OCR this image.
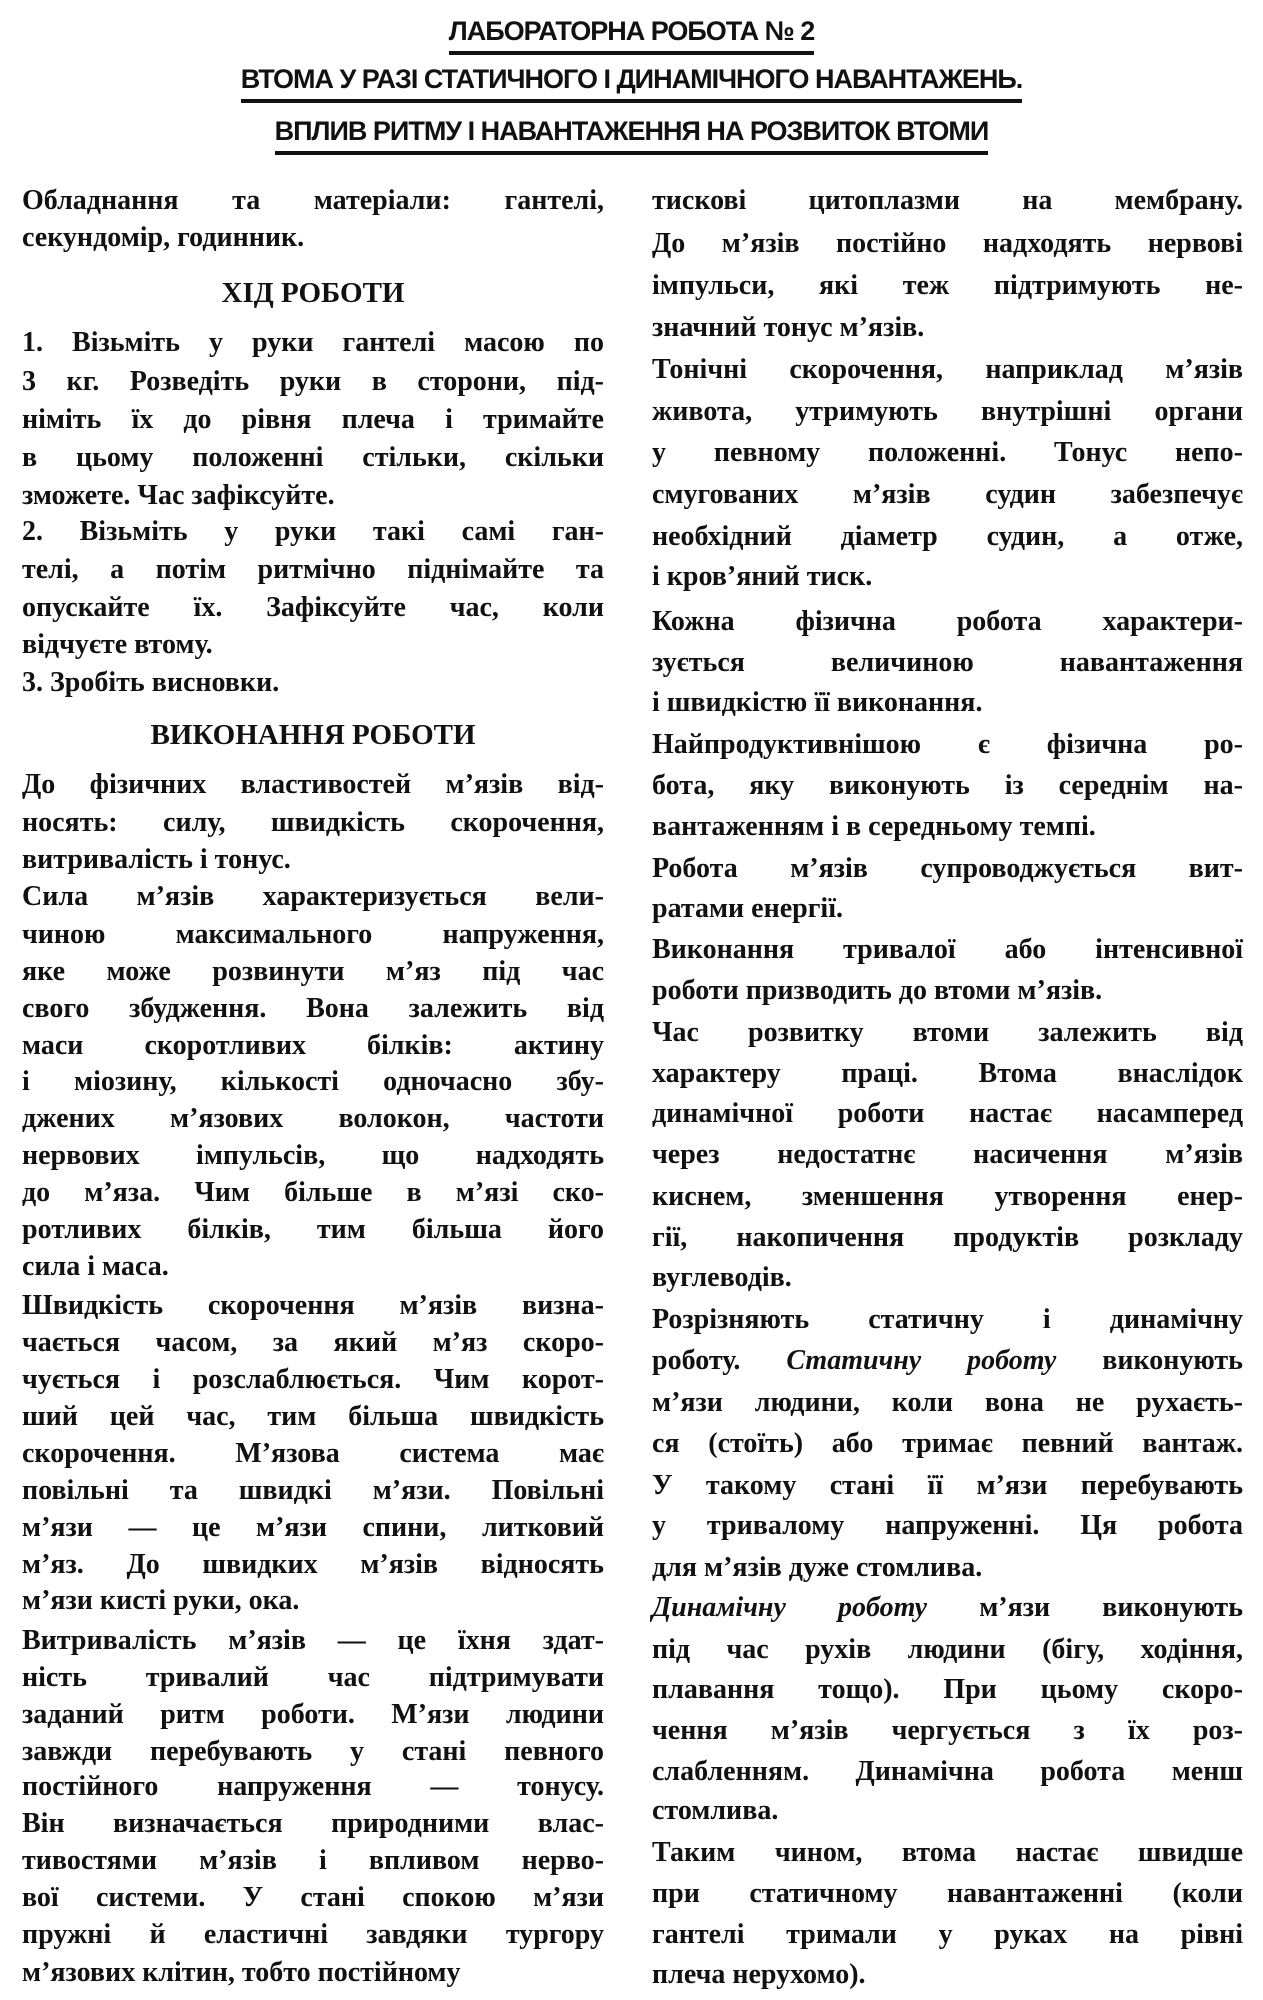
ЛАБОРАТОРНА РОБОТА № 2
ВТОМА У РАЗІ СТАТИЧНОГО І ДИНАМІЧНОГО НАВАНТАЖЕНЬ.
ВПЛИВ РИТМУ І НАВАНТАЖЕННЯ НА РОЗВИТОК ВТОМИ
Обладнання та матеріали: гантелі,
секундомір, годинник.
ХІД РОБОТИ
1. Візьміть у руки гантелі масою по
3 кг. Розведіть руки в сторони, під-
німіть їх до рівня плеча і тримайте
в цьому положенні стільки, скільки
зможете. Час зафіксуйте.
2. Візьміть у руки такі самі ган-
телі, а потім ритмічно піднімайте та
опускайте їх. Зафіксуйте час, коли
відчуєте втому.
3. Зробіть висновки.
ВИКОНАННЯ РОБОТИ
До фізичних властивостей м’язів від-
носять: силу, швидкість скорочення,
витривалість і тонус.
Сила м’язів характеризується вели-
чиною максимального напруження,
яке може розвинути м’яз під час
свого збудження. Вона залежить від
маси скоротливих білків: актину
і міозину, кількості одночасно збу-
джених м’язових волокон, частоти
нервових імпульсів, що надходять
до м’яза. Чим більше в м’язі ско-
ротливих білків, тим більша його
сила і маса.
Швидкість скорочення м’язів визна-
чається часом, за який м’яз скоро-
чується і розслаблюється. Чим корот-
ший цей час, тим більша швидкість
скорочення. М’язова система має
повільні та швидкі м’язи. Повільні
м’язи — це м’язи спини, литковий
м’яз. До швидких м’язів відносять
м’язи кисті руки, ока.
Витривалість м’язів — це їхня здат-
ність тривалий час підтримувати
заданий ритм роботи. М’язи людини
завжди перебувають у стані певного
постійного напруження — тонусу.
Він визначається природними влас-
тивостями м’язів і впливом нерво-
вої системи. У стані спокою м’язи
пружні й еластичні завдяки тургору
м’язових клітин, тобто постійному
тискові цитоплазми на мембрану.
До м’язів постійно надходять нервові
імпульси, які теж підтримують не-
значний тонус м’язів.
Тонічні скорочення, наприклад м’язів
живота, утримують внутрішні органи
у певному положенні. Тонус непо-
смугованих м’язів судин забезпечує
необхідний діаметр судин, а отже,
і кров’яний тиск.
Кожна фізична робота характери-
зується величиною навантаження
і швидкістю її виконання.
Найпродуктивнішою є фізична ро-
бота, яку виконують із середнім на-
вантаженням і в середньому темпі.
Робота м’язів супроводжується вит-
ратами енергії.
Виконання тривалої або інтенсивної
роботи призводить до втоми м’язів.
Час розвитку втоми залежить від
характеру праці. Втома внаслідок
динамічної роботи настає насамперед
через недостатнє насичення м’язів
киснем, зменшення утворення енер-
гії, накопичення продуктів розкладу
вуглеводів.
Розрізняють статичну і динамічну
роботу. Статичну роботу виконують
м’язи людини, коли вона не рухаєть-
ся (стоїть) або тримає певний вантаж.
У такому стані її м’язи перебувають
у тривалому напруженні. Ця робота
для м’язів дуже стомлива.
Динамічну роботу м’язи виконують
під час рухів людини (бігу, ходіння,
плавання тощо). При цьому скоро-
чення м’язів чергується з їх роз-
слабленням. Динамічна робота менш
стомлива.
Таким чином, втома настає швидше
при статичному навантаженні (коли
гантелі тримали у руках на рівні
плеча нерухомо).
